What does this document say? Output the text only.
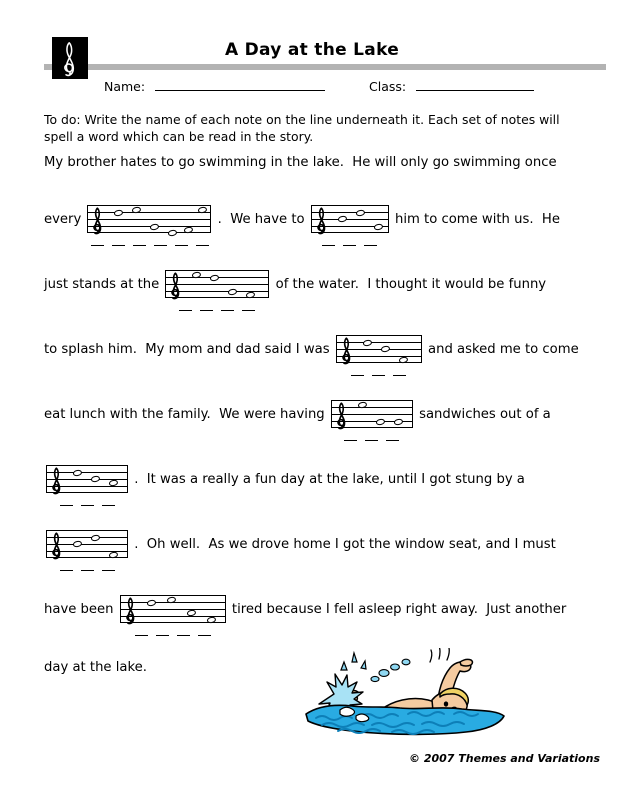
A Day at the Lake
Name:	Class:
To do: Write the name of each note on the line underneath it. Each set of notes will spell a word which can be read in the story.
My brother hates to go swimming in the lake.  He will only go swimming once
every	.  We have to	him to come with us.  He
just stands at the	of the water.  I thought it would be funny
to splash him.  My mom and dad said I was	and asked me to come
eat lunch with the family.  We were having	sandwiches out of a
.  It was a really a fun day at the lake, until I got stung by a
.  Oh well.  As we drove home I got the window seat, and I must
have been	tired because I fell asleep right away.  Just another
day at the lake.
© 2007 Themes and Variations
